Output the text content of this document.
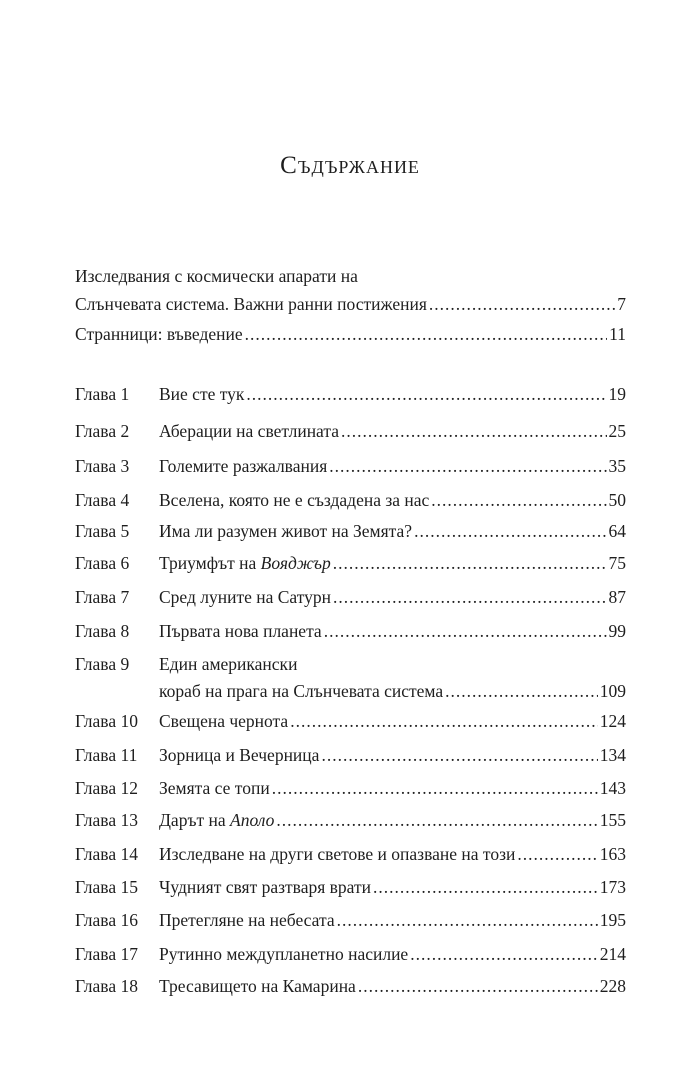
Съдържание
Изследвания с космически апарати на
Слънчевата система. Важни ранни постижения .....	7
Странници: въведение .....	11
Глава 1	Вие сте тук .....	19
Глава 2	Аберации на светлината .....	25
Глава 3	Големите разжалвания .....	35
Глава 4	Вселена, която не е създадена за нас .....	50
Глава 5	Има ли разумен живот на Земята? .....	64
Глава 6	Триумфът на Вояджър .....	75
Глава 7	Сред луните на Сатурн .....	87
Глава 8	Първата нова планета .....	99
Глава 9 Един американски
кораб на прага на Слънчевата система .....	109
Глава 10	Свещена чернота .....	124
Глава 11	Зорница и Вечерница .....	134
Глава 12	Земята се топи .....	143
Глава 13	Дарът на Аполо .....	155
Глава 14	Изследване на други светове и опазване на този .....	163
Глава 15	Чудният свят разтваря врати .....	173
Глава 16	Претегляне на небесата .....	195
Глава 17	Рутинно междупланетно насилие .....	214
Глава 18	Тресавището на Камарина .....	228
